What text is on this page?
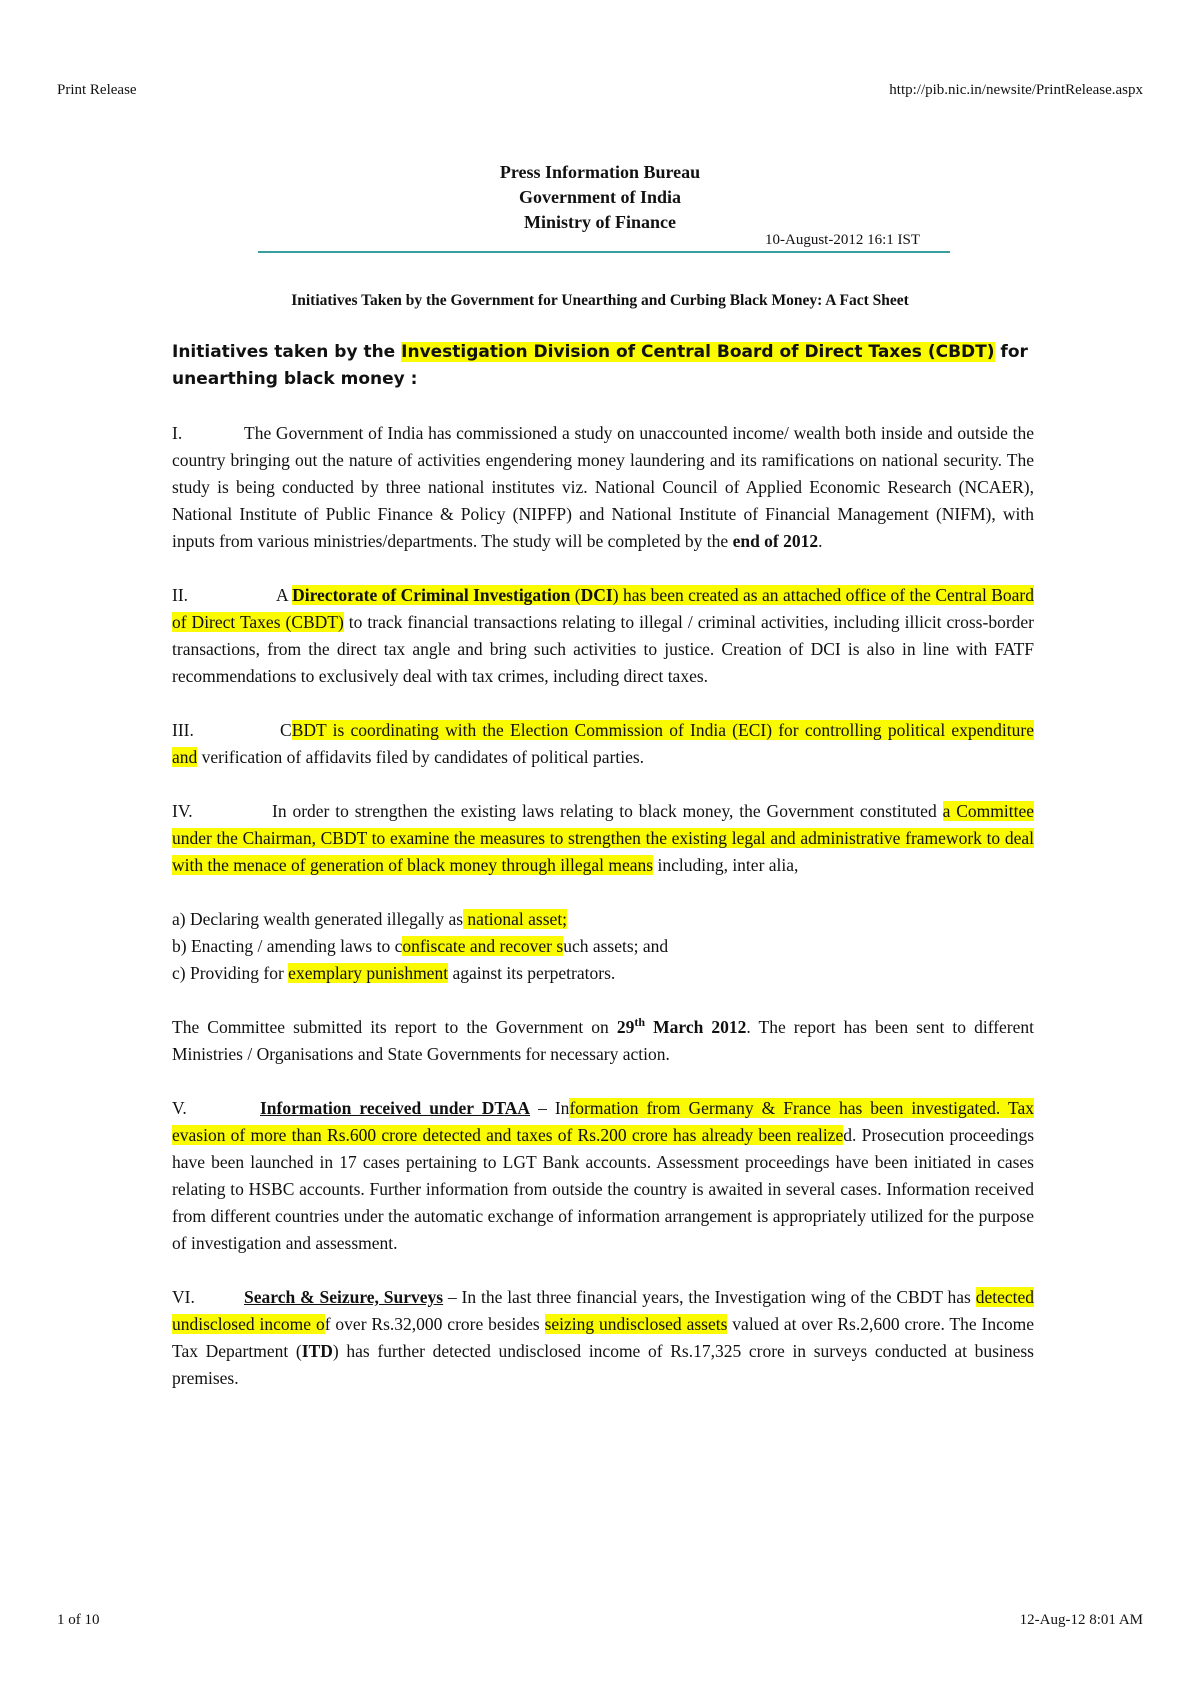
Print Release	http://pib.nic.in/newsite/PrintRelease.aspx
Press Information Bureau
Government of India
Ministry of Finance
10-August-2012 16:1 IST
Initiatives Taken by the Government for Unearthing and Curbing Black Money: A Fact Sheet

Initiatives taken by the Investigation Division of Central Board of Direct Taxes (CBDT) for unearthing black money :

I.	The Government of India has commissioned a study on unaccounted income/ wealth both inside and outside the country bringing out the nature of activities engendering money laundering and its ramifications on national security. The study is being conducted by three national institutes viz. National Council of Applied Economic Research (NCAER), National Institute of Public Finance & Policy (NIPFP) and National Institute of Financial Management (NIFM), with inputs from various ministries/departments. The study will be completed by the end of 2012.

II.	A Directorate of Criminal Investigation (DCI) has been created as an attached office of the Central Board of Direct Taxes (CBDT) to track financial transactions relating to illegal / criminal activities, including illicit cross-border transactions, from the direct tax angle and bring such activities to justice. Creation of DCI is also in line with FATF recommendations to exclusively deal with tax crimes, including direct taxes.

III.	CBDT is coordinating with the Election Commission of India (ECI) for controlling political expenditure and verification of affidavits filed by candidates of political parties.

IV.	In order to strengthen the existing laws relating to black money, the Government constituted a Committee under the Chairman, CBDT to examine the measures to strengthen the existing legal and administrative framework to deal with the menace of generation of black money through illegal means including, inter alia,

a) Declaring wealth generated illegally as national asset;

b) Enacting / amending laws to confiscate and recover such assets; and

c) Providing for exemplary punishment against its perpetrators.

The Committee submitted its report to the Government on 29th March 2012. The report has been sent to different Ministries / Organisations and State Governments for necessary action.

V.	Information received under DTAA – Information from Germany & France has been investigated. Tax evasion of more than Rs.600 crore detected and taxes of Rs.200 crore has already been realized. Prosecution proceedings have been launched in 17 cases pertaining to LGT Bank accounts. Assessment proceedings have been initiated in cases relating to HSBC accounts. Further information from outside the country is awaited in several cases. Information received from different countries under the automatic exchange of information arrangement is appropriately utilized for the purpose of investigation and assessment.

VI.	Search & Seizure, Surveys – In the last three financial years, the Investigation wing of the CBDT has detected undisclosed income of over Rs.32,000 crore besides seizing undisclosed assets valued at over Rs.2,600 crore. The Income Tax Department (ITD) has further detected undisclosed income of Rs.17,325 crore in surveys conducted at business premises.

1 of 10	12-Aug-12 8:01 AM
